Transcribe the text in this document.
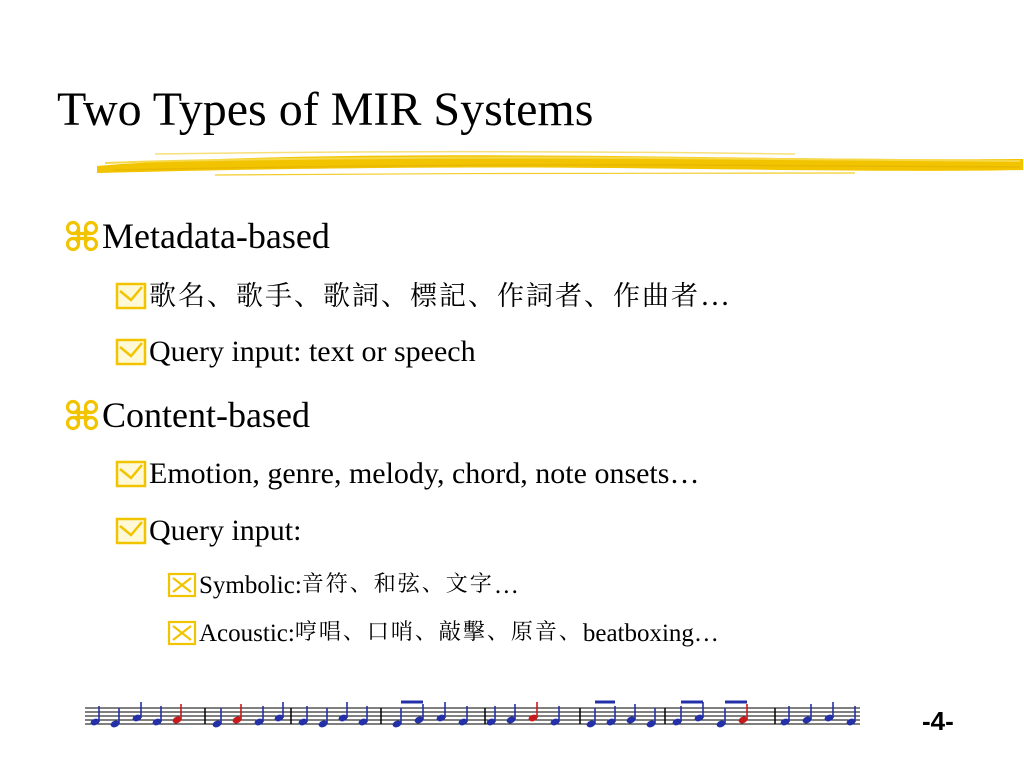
Two Types of MIR Systems
Metadata-based
歌名、歌手、歌詞、標記、作詞者、作曲者 …
Query input: text or speech
Content-based
Emotion, genre, melody, chord, note onsets…
Query input:
Symbolic: 音符、和弦、文字 …
Acoustic: 哼唱、口哨、敲擊、原音、 beatboxing…
-4-
